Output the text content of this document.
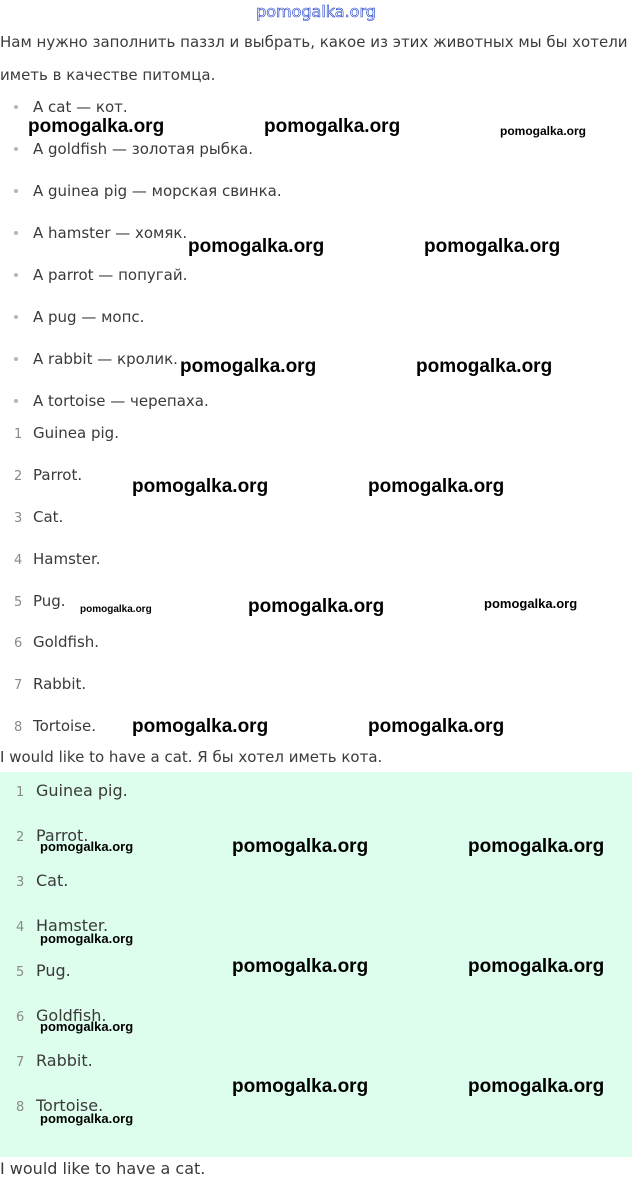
pomogalka.org
Нам нужно заполнить паззл и выбрать, какое из этих животных мы бы хотели
иметь в качестве питомца.
A cat — кот.
A goldfish — золотая рыбка.
A guinea pig — морская свинка.
A hamster — хомяк.
A parrot — попугай.
A pug — мопс.
A rabbit — кролик.
A tortoise — черепаха.
1 Guinea pig.
2 Parrot.
3 Cat.
4 Hamster.
5 Pug.
6 Goldfish.
7 Rabbit.
8 Tortoise.
I would like to have a cat. Я бы хотел иметь кота.
1 Guinea pig.
2 Parrot.
3 Cat.
4 Hamster.
5 Pug.
6 Goldfish.
7 Rabbit.
8 Tortoise.
I would like to have a cat.
pomogalka.org	pomogalka.org	pomogalka.org
pomogalka.org	pomogalka.org
pomogalka.org	pomogalka.org
pomogalka.org	pomogalka.org
pomogalka.org	pomogalka.org	pomogalka.org
pomogalka.org	pomogalka.org
pomogalka.org	pomogalka.org	pomogalka.org
pomogalka.org
pomogalka.org	pomogalka.org
pomogalka.org
pomogalka.org	pomogalka.org
pomogalka.org
